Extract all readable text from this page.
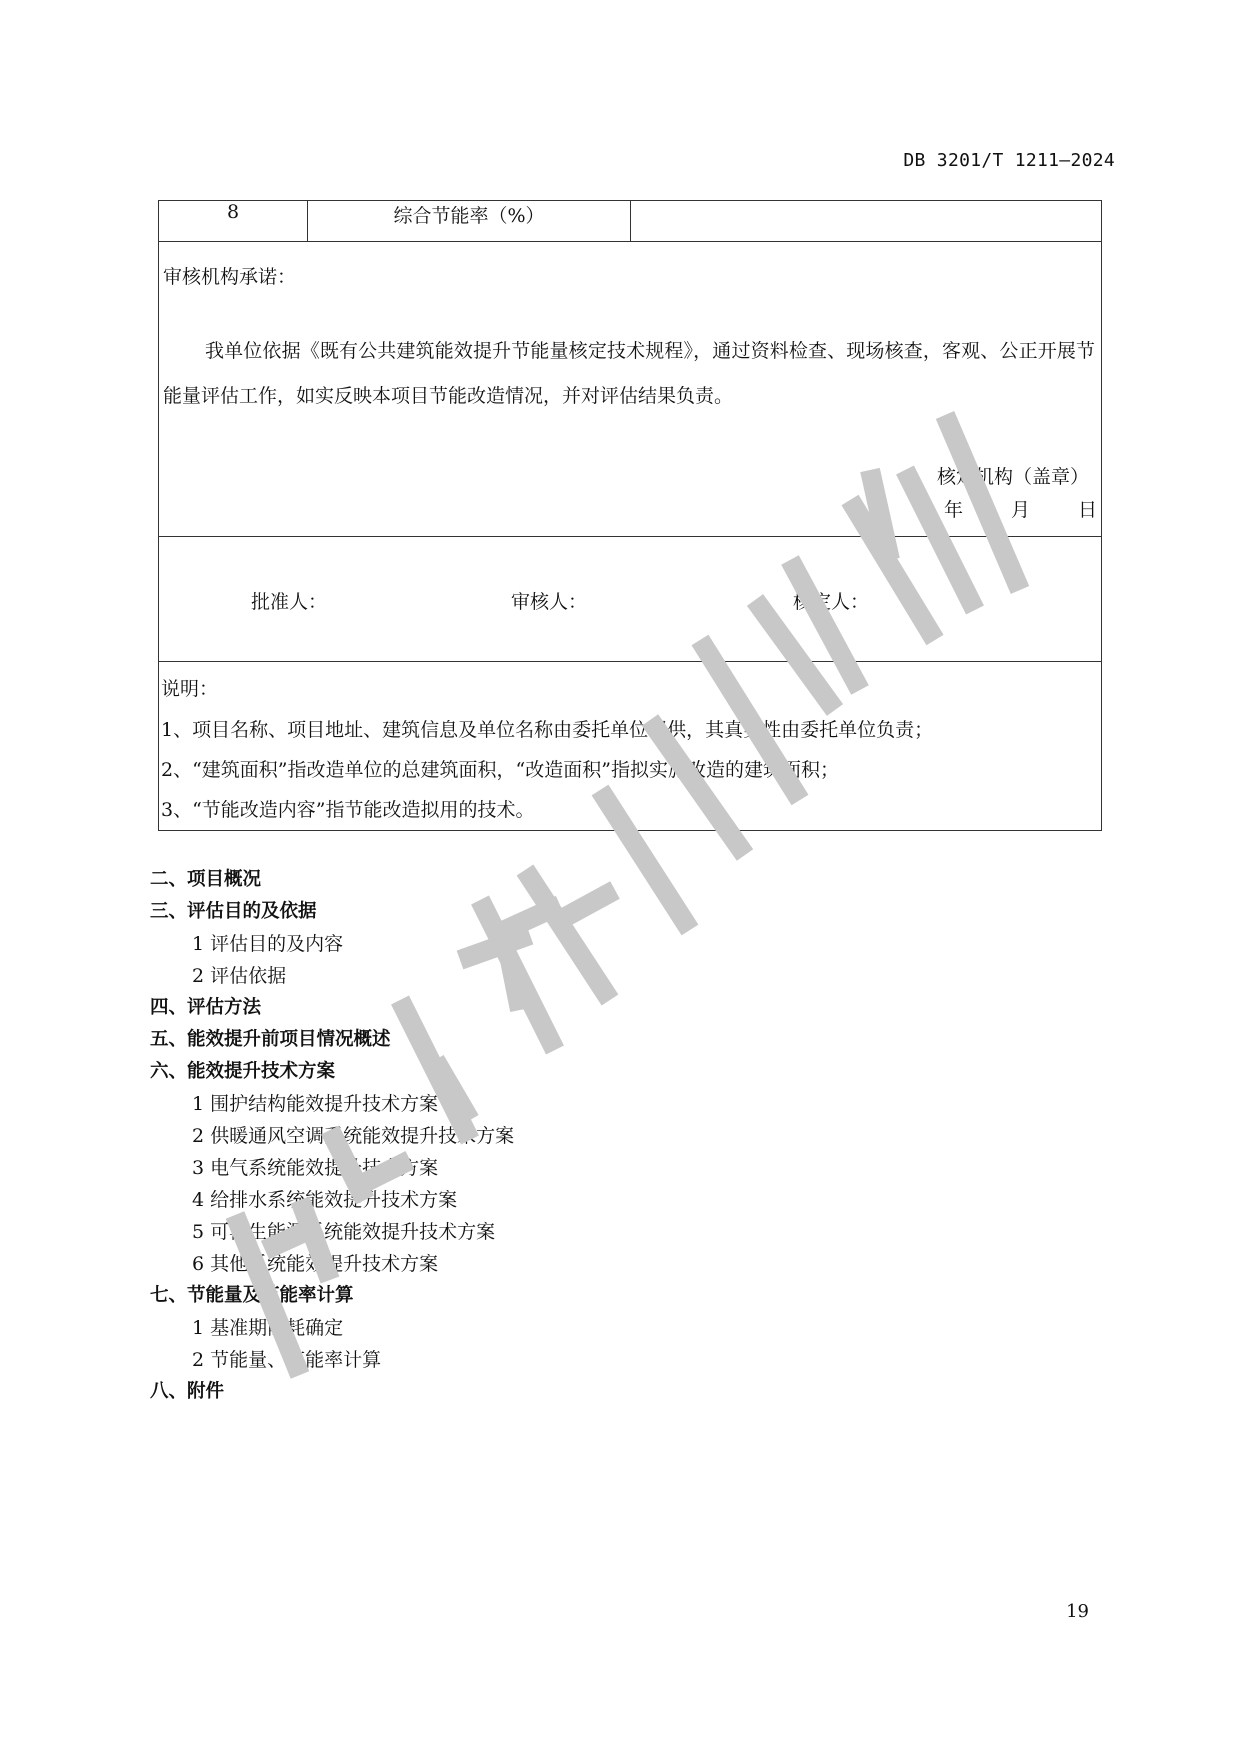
DB 3201/T 1211—2024
8	综合节能率（%）	

审核机构承诺：
我单位依据《既有公共建筑能效提升节能量核定技术规程》，通过资料检查、现场核查，客观、公正开展节能量评估工作，如实反映本项目节能改造情况，并对评估结果负责。
核定机构（盖章）
年	月	日

批准人：	审核人：	核定人：

说明：
1、项目名称、项目地址、建筑信息及单位名称由委托单位提供，其真实性由委托单位负责；
2、“建筑面积”指改造单位的总建筑面积，“改造面积”指拟实施改造的建筑面积；
3、“节能改造内容”指节能改造拟用的技术。
二、项目概况
三、评估目的及依据
1 评估目的及内容
2 评估依据
四、评估方法
五、能效提升前项目情况概述
六、能效提升技术方案
1 围护结构能效提升技术方案
2 供暖通风空调系统能效提升技术方案
3 电气系统能效提升技术方案
4 给排水系统能效提升技术方案
5 可再生能源系统能效提升技术方案
6 其他系统能效提升技术方案
七、节能量及节能率计算
1 基准期能耗确定
2 节能量、节能率计算
八、附件
19
